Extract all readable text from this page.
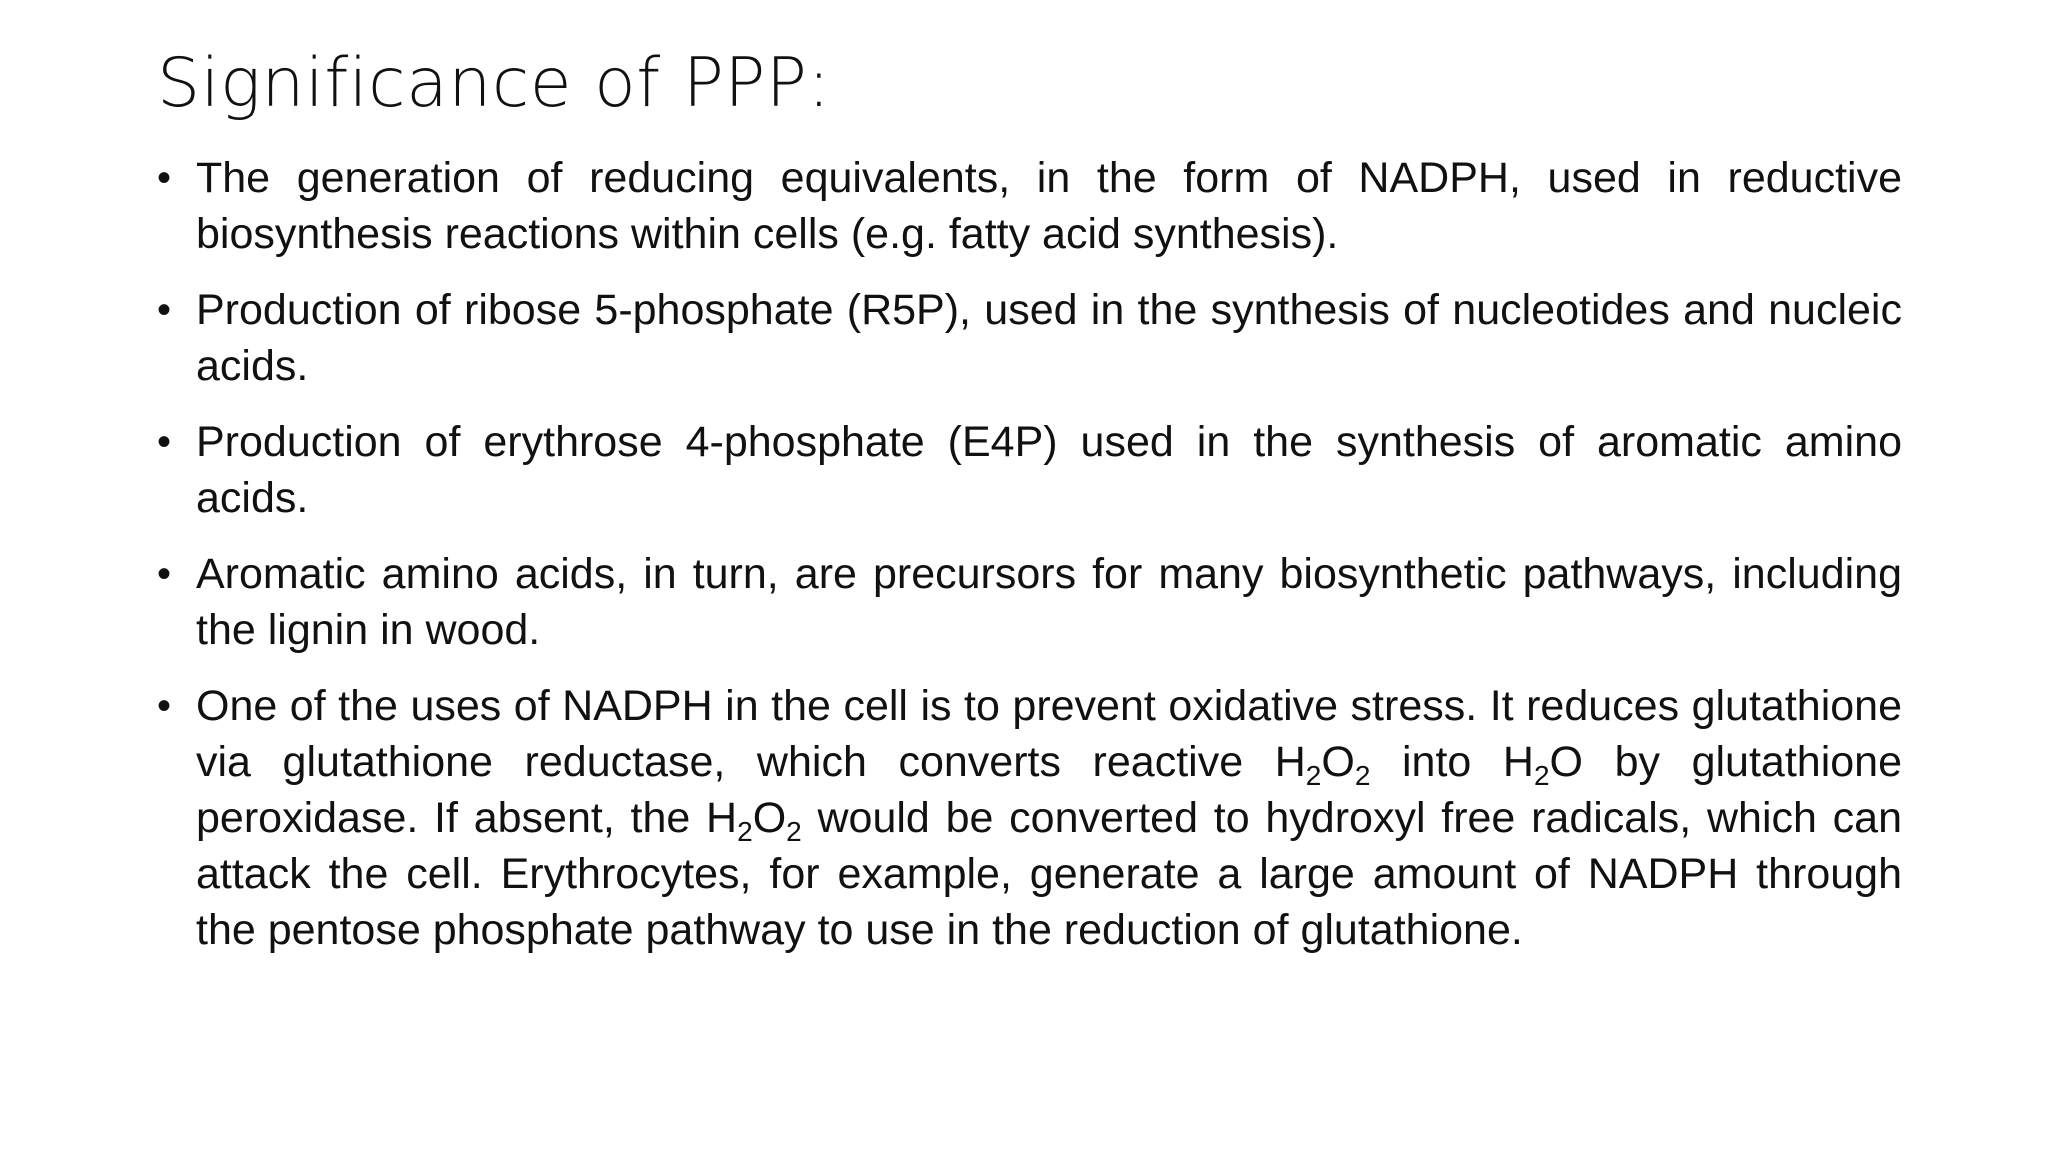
Significance of PPP:
• The generation of reducing equivalents, in the form of NADPH, used in reductive biosynthesis reactions within cells (e.g. fatty acid synthesis).
• Production of ribose 5-phosphate (R5P), used in the synthesis of nucleotides and nucleic acids.
• Production of erythrose 4-phosphate (E4P) used in the synthesis of aromatic amino acids.
• Aromatic amino acids, in turn, are precursors for many biosynthetic pathways, including the lignin in wood.
• One of the uses of NADPH in the cell is to prevent oxidative stress. It reduces glutathione via glutathione reductase, which converts reactive $H_2O_2$ into $H_2O$ by glutathione peroxidase. If absent, the $H_2O_2$ would be converted to hydroxyl free radicals, which can attack the cell. Erythrocytes, for example, generate a large amount of NADPH through the pentose phosphate pathway to use in the reduction of glutathione.
